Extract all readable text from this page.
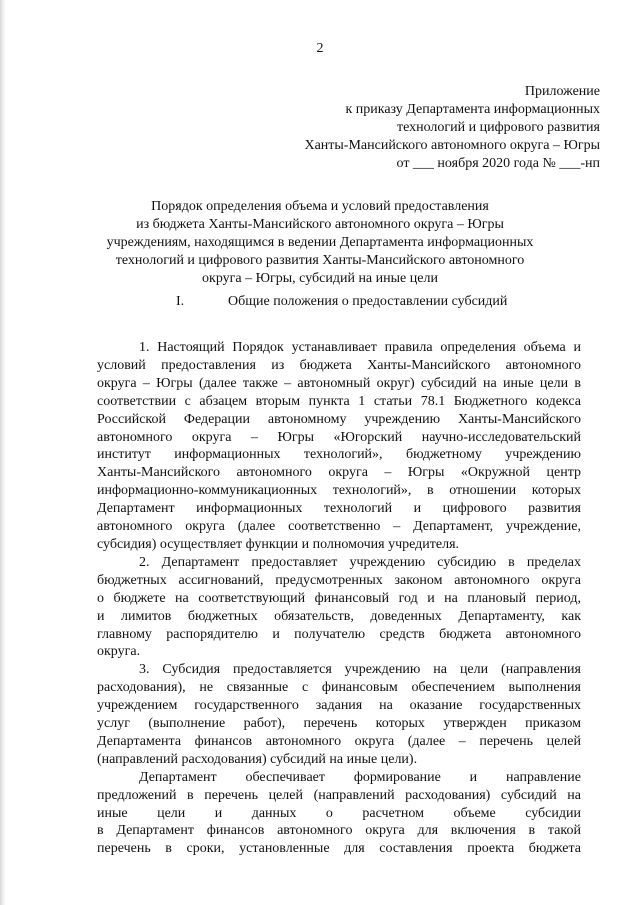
2
Приложение
к приказу Департамента информационных
технологий и цифрового развития
Ханты-Мансийского автономного округа – Югры
от ___ ноября 2020 года № ___-нп
Порядок определения объема и условий предоставления
из бюджета Ханты-Мансийского автономного округа – Югры
учреждениям, находящимся в ведении Департамента информационных
технологий и цифрового развития Ханты-Мансийского автономного
округа – Югры, субсидий на иные цели
I.	Общие положения о предоставлении субсидий
1. Настоящий Порядок устанавливает правила определения объема и
условий предоставления из бюджета Ханты-Мансийского автономного
округа – Югры (далее также – автономный округ) субсидий на иные цели в
соответствии с абзацем вторым пункта 1 статьи 78.1 Бюджетного кодекса
Российской Федерации автономному учреждению Ханты-Мансийского
автономного округа – Югры «Югорский научно-исследовательский
институт информационных технологий», бюджетному учреждению
Ханты-Мансийского автономного округа – Югры «Окружной центр
информационно-коммуникационных технологий», в отношении которых
Департамент информационных технологий и цифрового развития
автономного округа (далее соответственно – Департамент, учреждение,
субсидия) осуществляет функции и полномочия учредителя.
2. Департамент предоставляет учреждению субсидию в пределах
бюджетных ассигнований, предусмотренных законом автономного округа
о бюджете на соответствующий финансовый год и на плановый период,
и лимитов бюджетных обязательств, доведенных Департаменту, как
главному распорядителю и получателю средств бюджета автономного
округа.
3. Субсидия предоставляется учреждению на цели (направления
расходования), не связанные с финансовым обеспечением выполнения
учреждением государственного задания на оказание государственных
услуг (выполнение работ), перечень которых утвержден приказом
Департамента финансов автономного округа (далее – перечень целей
(направлений расходования) субсидий на иные цели).
Департамент обеспечивает формирование и направление
предложений в перечень целей (направлений расходования) субсидий на
иные цели и данных о расчетном объеме субсидии
в Департамент финансов автономного округа для включения в такой
перечень в сроки, установленные для составления проекта бюджета
